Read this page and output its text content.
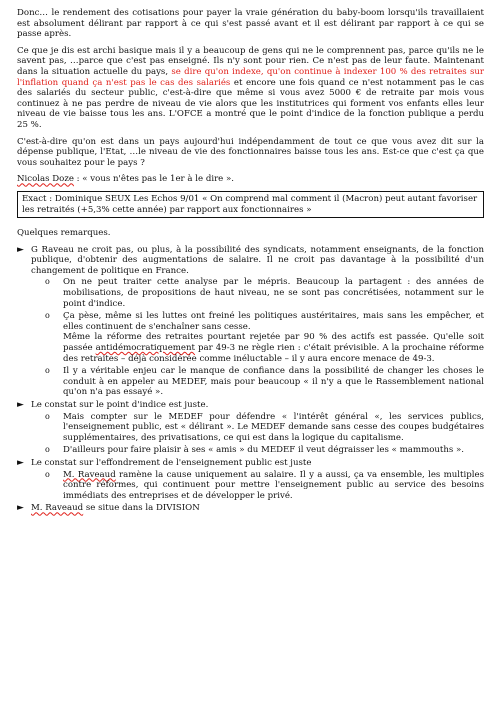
Donc… le rendement des cotisations pour payer la vraie génération du baby-boom lorsqu'ils travaillaient est absolument délirant par rapport à ce qui s'est passé avant et il est délirant par rapport à ce qui se passe après.

Ce que je dis est archi basique mais il y a beaucoup de gens qui ne le comprennent pas, parce qu'ils ne le savent pas, …parce que c'est pas enseigné. Ils n'y sont pour rien. Ce n'est pas de leur faute. Maintenant dans la situation actuelle du pays, se dire qu'on indexe, qu'on continue à indexer 100 % des retraites sur l'inflation quand ça n'est pas le cas des salariés et encore une fois quand ce n'est notamment pas le cas des salariés du secteur public, c'est-à-dire que même si vous avez 5000 € de retraite par mois vous continuez à ne pas perdre de niveau de vie alors que les institutrices qui forment vos enfants elles leur niveau de vie baisse tous les ans. L'OFCE a montré que le point d'indice de la fonction publique a perdu 25 %.

C'est-à-dire qu'on est dans un pays aujourd'hui indépendamment de tout ce que vous avez dit sur la dépense publique, l'Etat, …le niveau de vie des fonctionnaires baisse tous les ans. Est-ce que c'est ça que vous souhaitez pour le pays ?

Nicolas Doze : « vous n'êtes pas le 1er à le dire ».

Exact : Dominique SEUX Les Echos 9/01 « On comprend mal comment il (Macron) peut autant favoriser les retraités (+5,3% cette année) par rapport aux fonctionnaires »

Quelques remarques.

► G Raveau ne croit pas, ou plus, à la possibilité des syndicats, notamment enseignants, de la fonction publique, d'obtenir des augmentations de salaire. Il ne croit pas davantage à la possibilité d'un changement de politique en France.
o On ne peut traiter cette analyse par le mépris. Beaucoup la partagent : des années de mobilisations, de propositions de haut niveau, ne se sont pas concrétisées, notamment sur le point d'indice.
o Ça pèse, même si les luttes ont freiné les politiques austéritaires, mais sans les empêcher, et elles continuent de s'enchaîner sans cesse.
Même la réforme des retraites pourtant rejetée par 90 % des actifs est passée. Qu'elle soit passée antidémocratiquement par 49-3 ne règle rien : c'était prévisible. A la prochaine réforme des retraites – déjà considérée comme inéluctable – il y aura encore menace de 49-3.
o Il y a véritable enjeu car le manque de confiance dans la possibilité de changer les choses le conduit à en appeler au MEDEF, mais pour beaucoup « il n'y a que le Rassemblement national qu'on n'a pas essayé ».
► Le constat sur le point d'indice est juste.
o Mais compter sur le MEDEF pour défendre « l'intérêt général «, les services publics, l'enseignement public, est « délirant ». Le MEDEF demande sans cesse des coupes budgétaires supplémentaires, des privatisations, ce qui est dans la logique du capitalisme.
o D'ailleurs pour faire plaisir à ses « amis » du MEDEF il veut dégraisser les « mammouths ».
► Le constat sur l'effondrement de l'enseignement public est juste
o M. Raveaud ramène la cause uniquement au salaire. Il y a aussi, ça va ensemble, les multiples contre réformes, qui continuent pour mettre l'enseignement public au service des besoins immédiats des entreprises et de développer le privé.
► M. Raveaud se situe dans la DIVISION
